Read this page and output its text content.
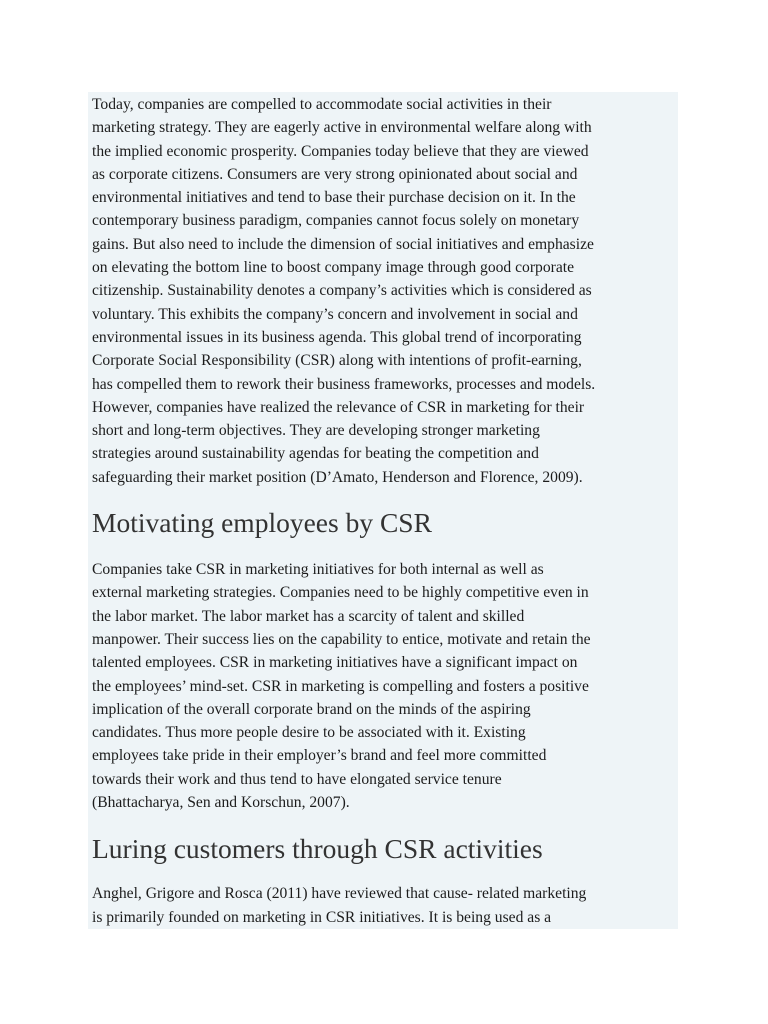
Today, companies are compelled to accommodate social activities in their
marketing strategy. They are eagerly active in environmental welfare along with
the implied economic prosperity. Companies today believe that they are viewed
as corporate citizens. Consumers are very strong opinionated about social and
environmental initiatives and tend to base their purchase decision on it. In the
contemporary business paradigm, companies cannot focus solely on monetary
gains. But also need to include the dimension of social initiatives and emphasize
on elevating the bottom line to boost company image through good corporate
citizenship. Sustainability denotes a company’s activities which is considered as
voluntary. This exhibits the company’s concern and involvement in social and
environmental issues in its business agenda. This global trend of incorporating
Corporate Social Responsibility (CSR) along with intentions of profit-earning,
has compelled them to rework their business frameworks, processes and models.
However, companies have realized the relevance of CSR in marketing for their
short and long-term objectives. They are developing stronger marketing
strategies around sustainability agendas for beating the competition and
safeguarding their market position (D’Amato, Henderson and Florence, 2009).

Motivating employees by CSR

Companies take CSR in marketing initiatives for both internal as well as
external marketing strategies. Companies need to be highly competitive even in
the labor market. The labor market has a scarcity of talent and skilled
manpower. Their success lies on the capability to entice, motivate and retain the
talented employees. CSR in marketing initiatives have a significant impact on
the employees’ mind-set. CSR in marketing is compelling and fosters a positive
implication of the overall corporate brand on the minds of the aspiring
candidates. Thus more people desire to be associated with it. Existing
employees take pride in their employer’s brand and feel more committed
towards their work and thus tend to have elongated service tenure
(Bhattacharya, Sen and Korschun, 2007).

Luring customers through CSR activities

Anghel, Grigore and Rosca (2011) have reviewed that cause- related marketing
is primarily founded on marketing in CSR initiatives. It is being used as a
